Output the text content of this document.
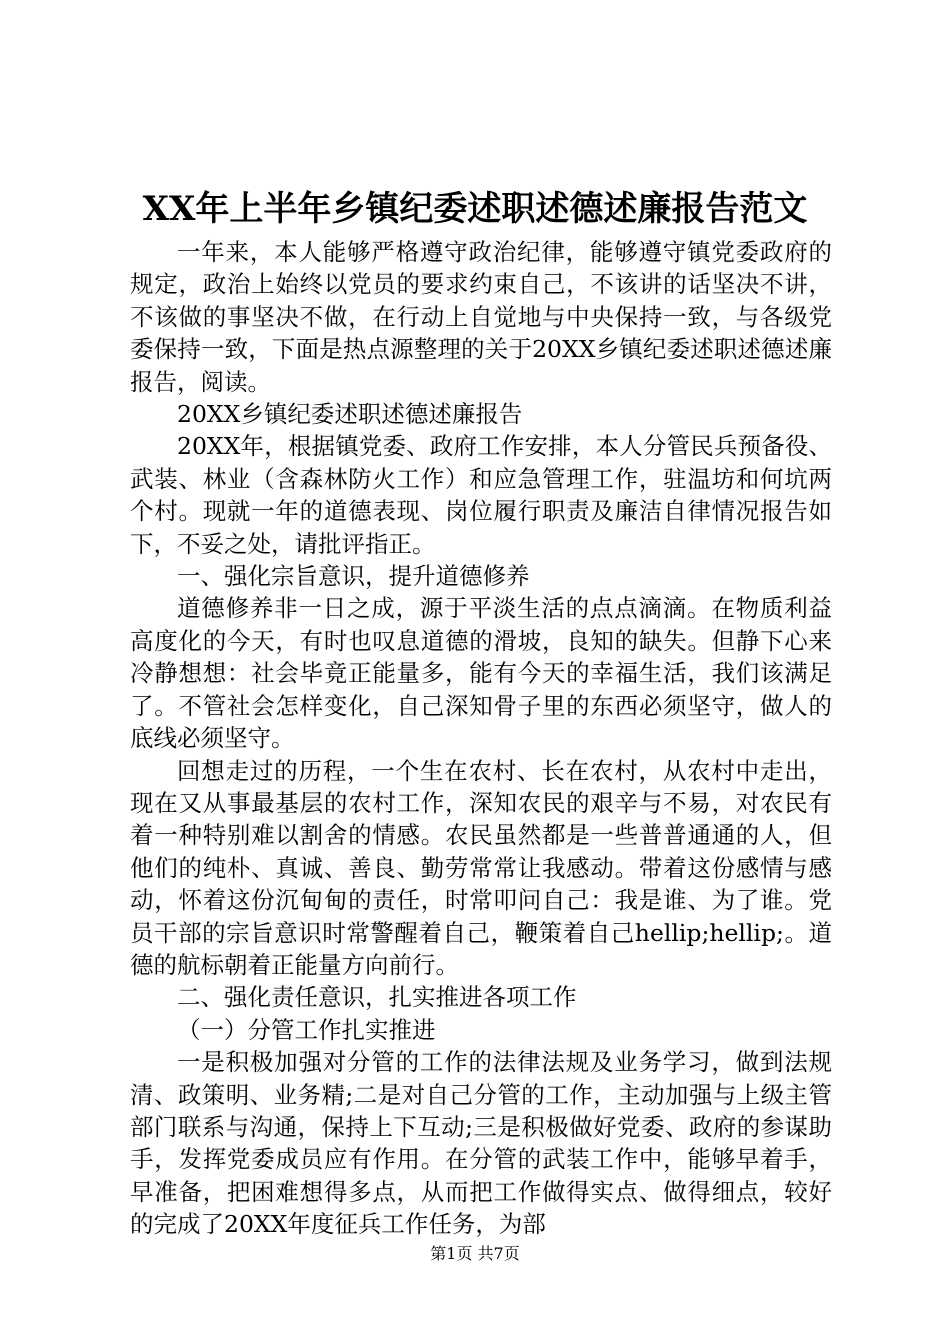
XX年上半年乡镇纪委述职述德述廉报告范文

一年来，本人能够严格遵守政治纪律，能够遵守镇党委政府的规定，政治上始终以党员的要求约束自己，不该讲的话坚决不讲，不该做的事坚决不做，在行动上自觉地与中央保持一致，与各级党委保持一致，下面是热点源整理的关于20XX乡镇纪委述职述德述廉报告，阅读。

20XX乡镇纪委述职述德述廉报告

20XX年，根据镇党委、政府工作安排，本人分管民兵预备役、武装、林业（含森林防火工作）和应急管理工作，驻温坊和何坑两个村。现就一年的道德表现、岗位履行职责及廉洁自律情况报告如下，不妥之处，请批评指正。

一、强化宗旨意识，提升道德修养

道德修养非一日之成，源于平淡生活的点点滴滴。在物质利益高度化的今天，有时也叹息道德的滑坡，良知的缺失。但静下心来冷静想想：社会毕竟正能量多，能有今天的幸福生活，我们该满足了。不管社会怎样变化，自己深知骨子里的东西必须坚守，做人的底线必须坚守。

回想走过的历程，一个生在农村、长在农村，从农村中走出，现在又从事最基层的农村工作，深知农民的艰辛与不易，对农民有着一种特别难以割舍的情感。农民虽然都是一些普普通通的人，但他们的纯朴、真诚、善良、勤劳常常让我感动。带着这份感情与感动，怀着这份沉甸甸的责任，时常叩问自己：我是谁、为了谁。党员干部的宗旨意识时常警醒着自己，鞭策着自己hellip;hellip;。道德的航标朝着正能量方向前行。

二、强化责任意识，扎实推进各项工作

（一）分管工作扎实推进

一是积极加强对分管的工作的法律法规及业务学习，做到法规清、政策明、业务精;二是对自己分管的工作，主动加强与上级主管部门联系与沟通，保持上下互动;三是积极做好党委、政府的参谋助手，发挥党委成员应有作用。在分管的武装工作中，能够早着手，早准备，把困难想得多点，从而把工作做得实点、做得细点，较好的完成了20XX年度征兵工作任务，为部

第1页 共7页
